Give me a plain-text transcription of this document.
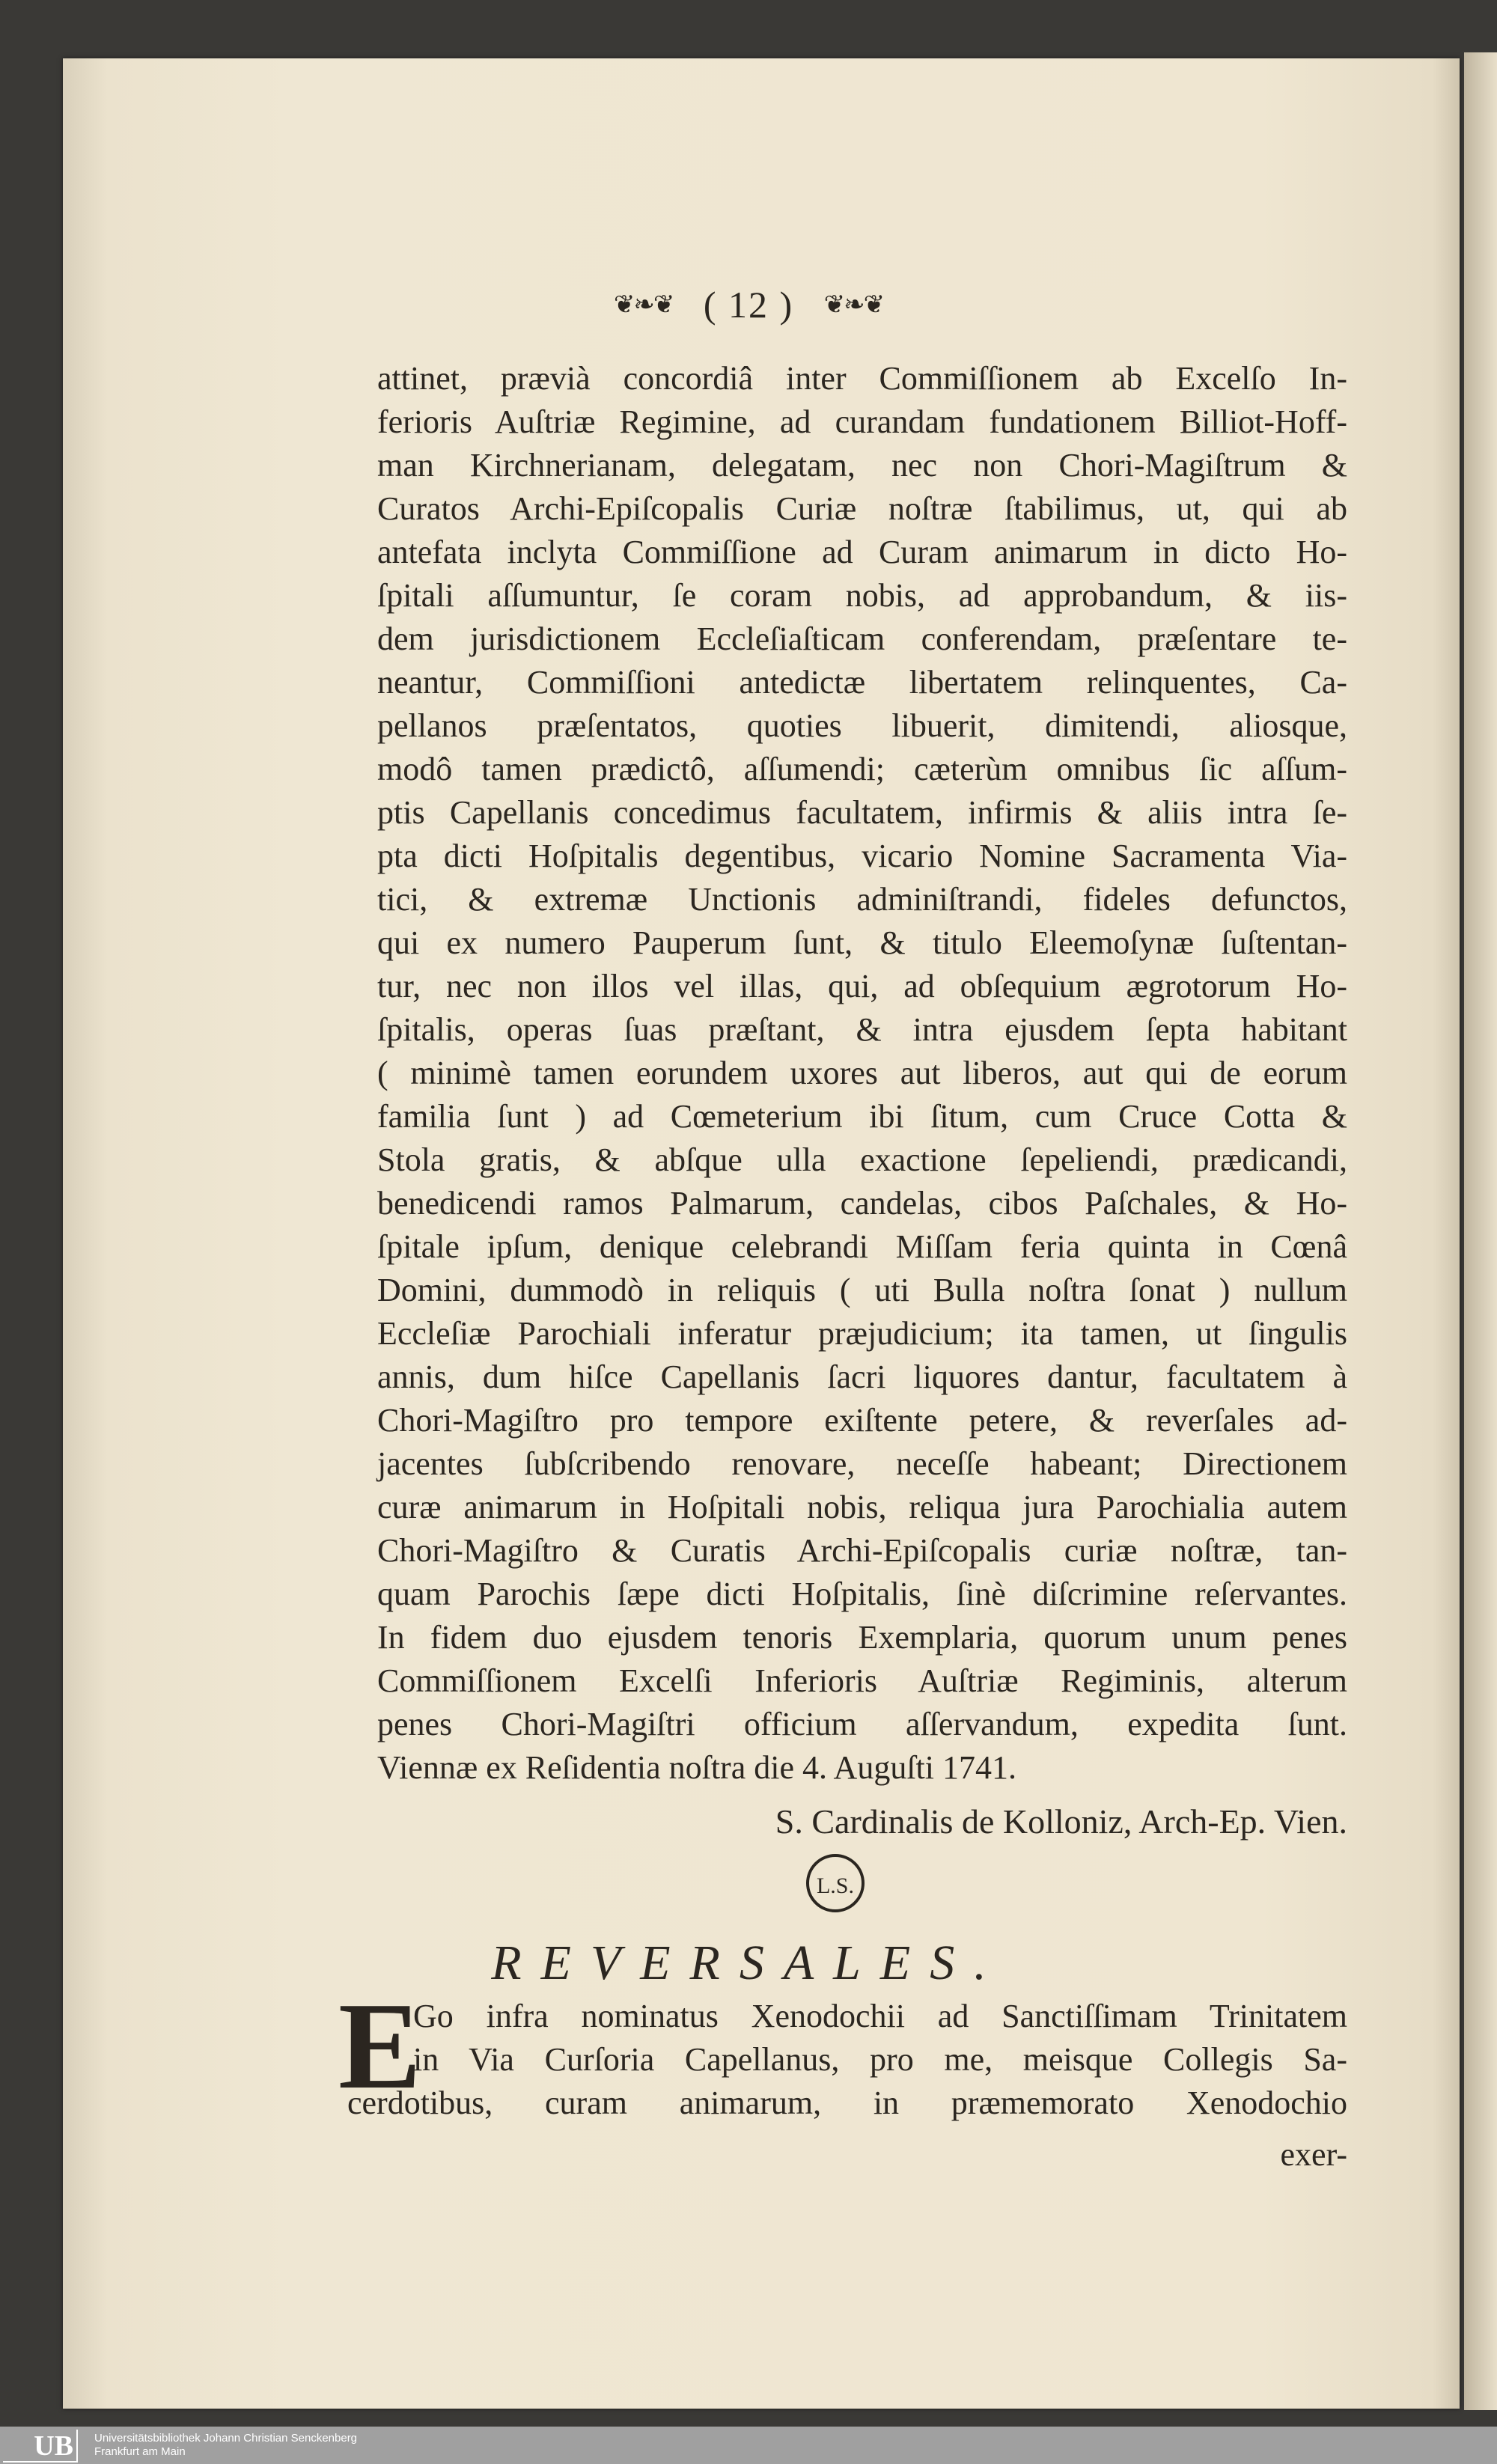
❦❧❦ ( 12 ) ❦❧❦
attinet, prævià concordiâ inter Commiſſionem ab Excelſo In-
ferioris Auſtriæ Regimine, ad curandam fundationem Billiot-Hoff-
man Kirchnerianam, delegatam, nec non Chori-Magiſtrum &
Curatos Archi-Epiſcopalis Curiæ noſtræ ſtabilimus, ut, qui ab
antefata inclyta Commiſſione ad Curam animarum in dicto Ho-
ſpitali aſſumuntur, ſe coram nobis, ad approbandum, & iis-
dem jurisdictionem Eccleſiaſticam conferendam, præſentare te-
neantur, Commiſſioni antedictæ libertatem relinquentes, Ca-
pellanos præſentatos, quoties libuerit, dimitendi, aliosque,
modô tamen prædictô, aſſumendi; cæterùm omnibus ſic aſſum-
ptis Capellanis concedimus facultatem, infirmis & aliis intra ſe-
pta dicti Hoſpitalis degentibus, vicario Nomine Sacramenta Via-
tici, & extremæ Unctionis adminiſtrandi, fideles defunctos,
qui ex numero Pauperum ſunt, & titulo Eleemoſynæ ſuſtentan-
tur, nec non illos vel illas, qui, ad obſequium ægrotorum Ho-
ſpitalis, operas ſuas præſtant, & intra ejusdem ſepta habitant
( minimè tamen eorundem uxores aut liberos, aut qui de eorum
familia ſunt ) ad Cœmeterium ibi ſitum, cum Cruce Cotta &
Stola gratis, & abſque ulla exactione ſepeliendi, prædicandi,
benedicendi ramos Palmarum, candelas, cibos Paſchales, & Ho-
ſpitale ipſum, denique celebrandi Miſſam feria quinta in Cœnâ
Domini, dummodò in reliquis ( uti Bulla noſtra ſonat ) nullum
Eccleſiæ Parochiali inferatur præjudicium; ita tamen, ut ſingulis
annis, dum hiſce Capellanis ſacri liquores dantur, facultatem à
Chori-Magiſtro pro tempore exiſtente petere, & reverſales ad-
jacentes ſubſcribendo renovare, neceſſe habeant; Directionem
curæ animarum in Hoſpitali nobis, reliqua jura Parochialia autem
Chori-Magiſtro & Curatis Archi-Epiſcopalis curiæ noſtræ, tan-
quam Parochis ſæpe dicti Hoſpitalis, ſinè diſcrimine reſervantes.
In fidem duo ejusdem tenoris Exemplaria, quorum unum penes
Commiſſionem Excelſi Inferioris Auſtriæ Regiminis, alterum
penes Chori-Magiſtri officium aſſervandum, expedita ſunt.
Viennæ ex Reſidentia noſtra die 4. Auguſti 1741.
S. Cardinalis de Kolloniz, Arch-Ep. Vien.
L.S.
REVERSALES.
E
Go infra nominatus Xenodochii ad Sanctiſſimam Trinitatem
in Via Curſoria Capellanus, pro me, meisque Collegis Sa-
cerdotibus, curam animarum, in præmemorato Xenodochio
exer-
UB	Universitätsbibliothek Johann Christian Senckenberg
Frankfurt am Main
